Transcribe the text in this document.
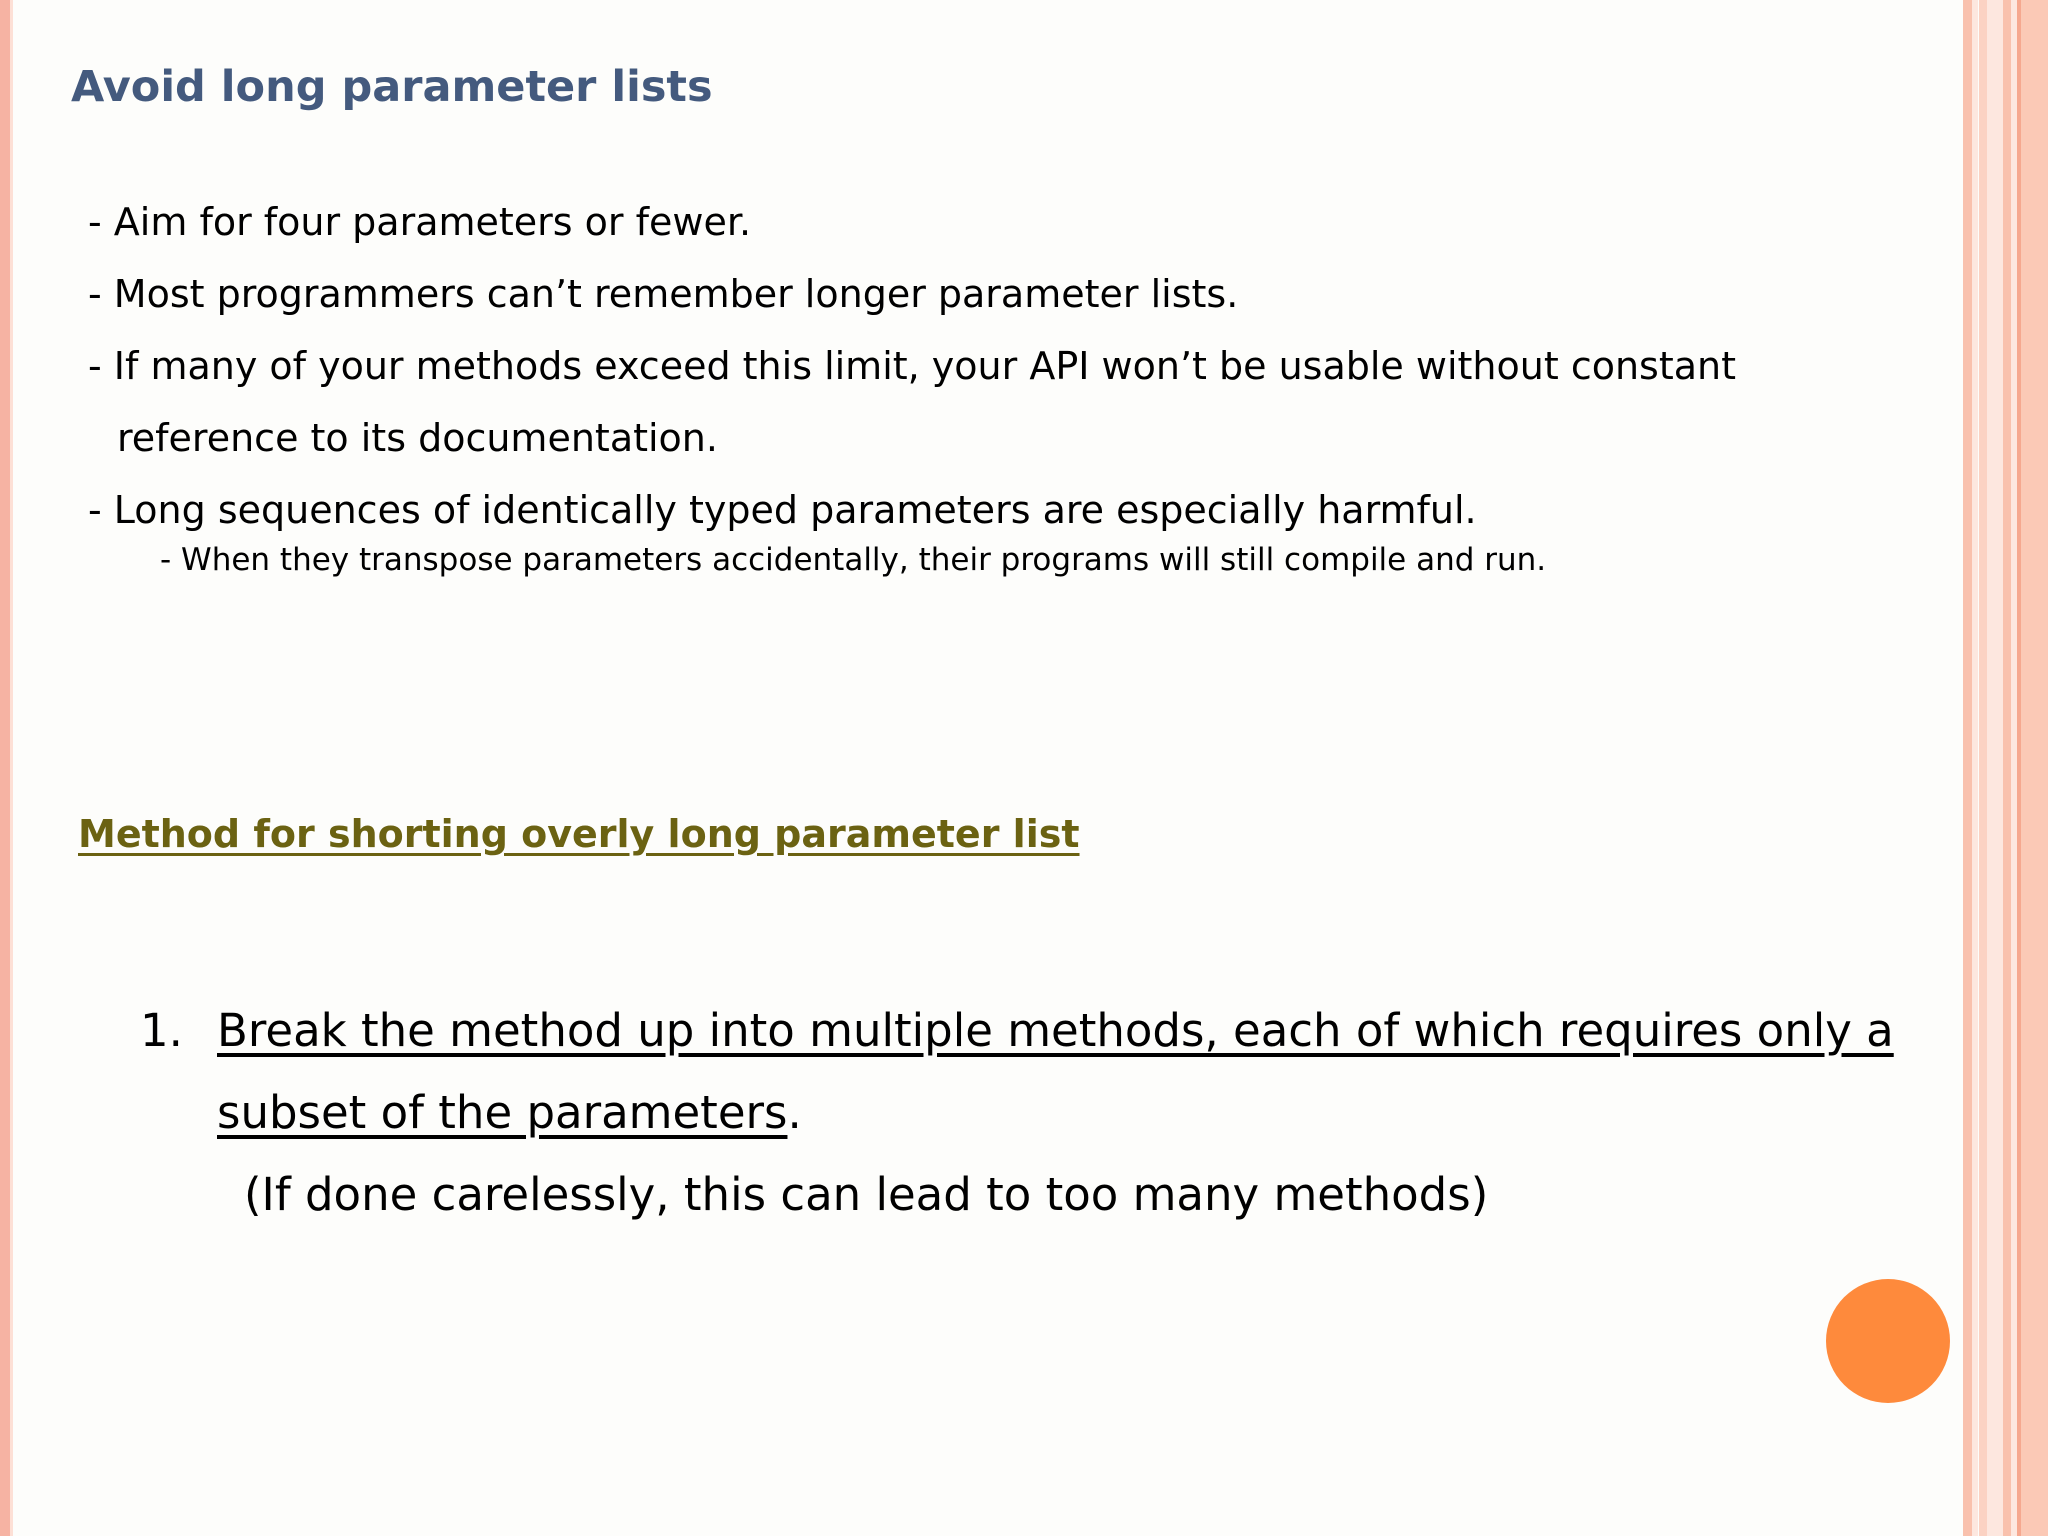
Avoid long parameter lists
- Aim for four parameters or fewer.
- Most programmers can’t remember longer parameter lists.
- If many of your methods exceed this limit, your API won’t be usable without constant
reference to its documentation.
- Long sequences of identically typed parameters are especially harmful.
- When they transpose parameters accidentally, their programs will still compile and run.
Method for shorting overly long parameter list
1. Break the method up into multiple methods, each of which requires only a subset of the parameters.
(If done carelessly, this can lead to too many methods)
